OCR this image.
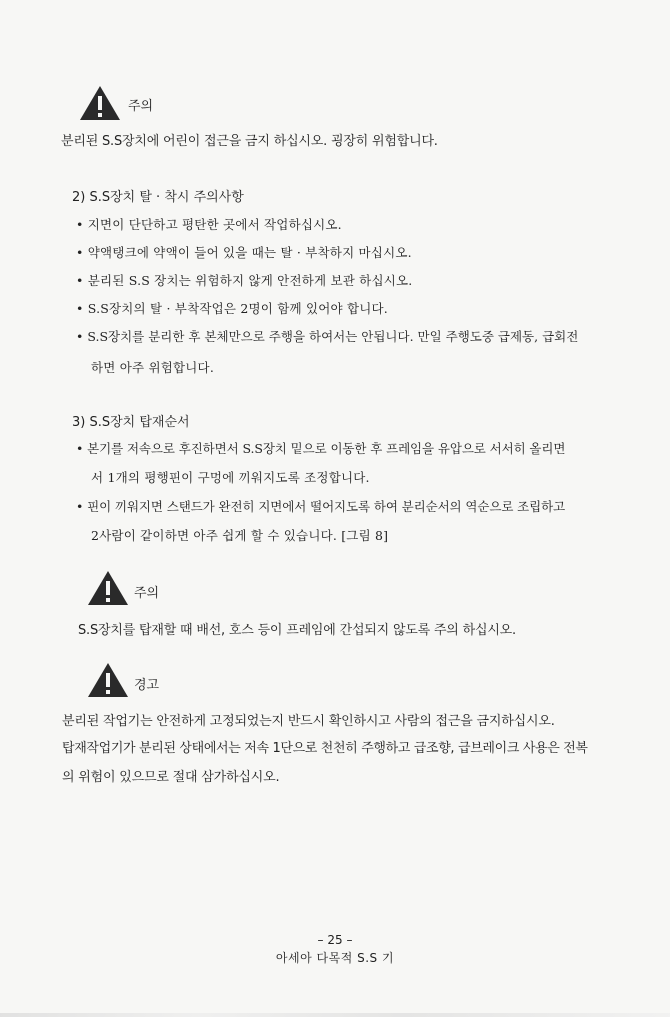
주의
분리된 S.S장치에 어린이 접근을 금지 하십시오. 굉장히 위험합니다.
2) S.S장치 탈 · 착시 주의사항
• 지면이 단단하고 평탄한 곳에서 작업하십시오.
• 약액탱크에 약액이 들어 있을 때는 탈 · 부착하지 마십시오.
• 분리된 S.S 장치는 위험하지 않게 안전하게 보관 하십시오.
• S.S장치의 탈 · 부착작업은 2명이 함께 있어야 합니다.
• S.S장치를 분리한 후 본체만으로 주행을 하여서는 안됩니다. 만일 주행도중 급제동, 급회전
하면 아주 위험합니다.
3) S.S장치 탑재순서
• 본기를 저속으로 후진하면서 S.S장치 밑으로 이동한 후 프레임을 유압으로 서서히 올리면
서 1개의 평행핀이 구멍에 끼워지도록 조정합니다.
• 핀이 끼워지면 스탠드가 완전히 지면에서 떨어지도록 하여 분리순서의 역순으로 조립하고
2사람이 같이하면 아주 쉽게 할 수 있습니다. [그림 8]
주의
S.S장치를 탑재할 때 배선, 호스 등이 프레임에 간섭되지 않도록 주의 하십시오.
경고
분리된 작업기는 안전하게 고정되었는지 반드시 확인하시고 사람의 접근을 금지하십시오.
탑재작업기가 분리된 상태에서는 저속 1단으로 천천히 주행하고 급조향, 급브레이크 사용은 전복
의 위험이 있으므로 절대 삼가하십시오.
– 25 –
아세아 다목적 S.S 기
